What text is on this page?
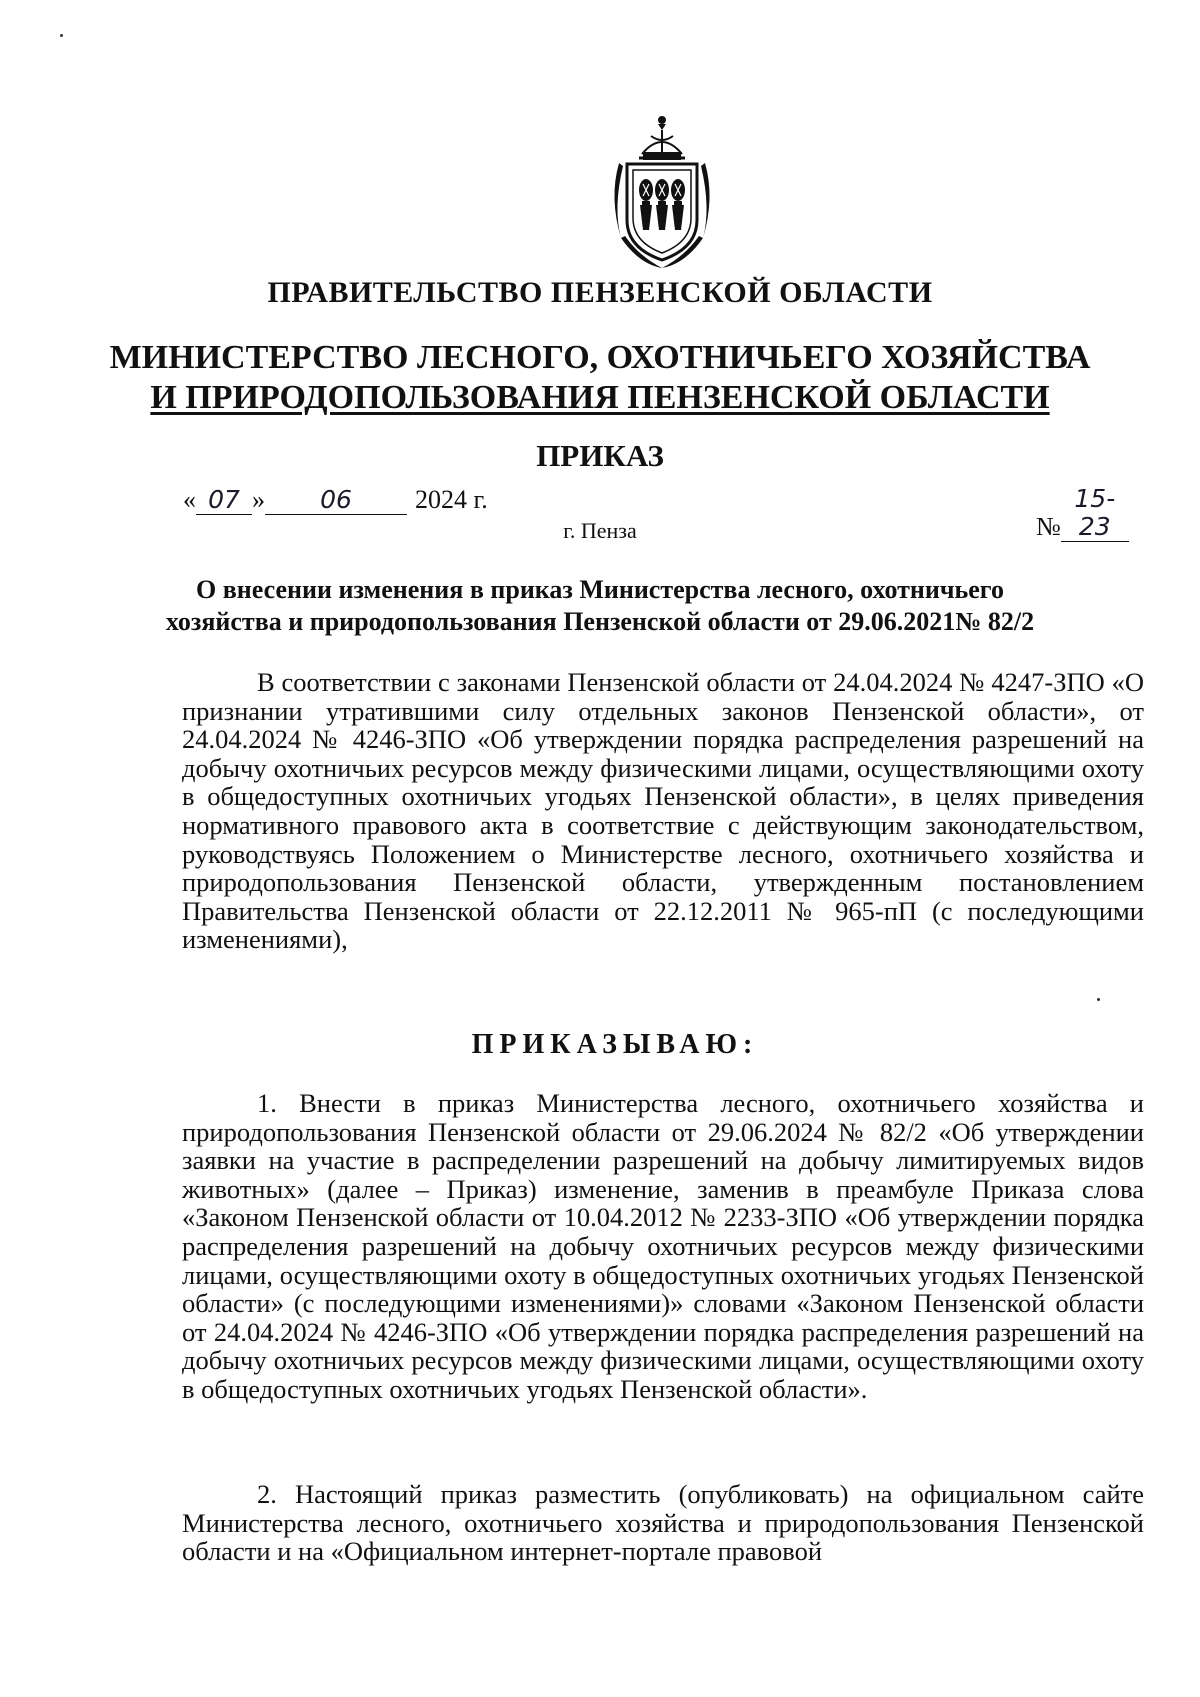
ПРАВИТЕЛЬСТВО ПЕНЗЕНСКОЙ ОБЛАСТИ
МИНИСТЕРСТВО ЛЕСНОГО, ОХОТНИЧЬЕГО ХОЗЯЙСТВА
И ПРИРОДОПОЛЬЗОВАНИЯ ПЕНЗЕНСКОЙ ОБЛАСТИ
ПРИКАЗ
« 07 » 06 2024 г.
№15-23
г. Пенза
О внесении изменения в приказ Министерства лесного, охотничьего хозяйства и природопользования Пензенской области от 29.06.2021№ 82/2

В соответствии с законами Пензенской области от 24.04.2024 № 4247-ЗПО «О признании утратившими силу отдельных законов Пензенской области», от 24.04.2024 № 4246-ЗПО «Об утверждении порядка распределения разрешений на добычу охотничьих ресурсов между физическими лицами, осуществляющими охоту в общедоступных охотничьих угодьях Пензенской области», в целях приведения нормативного правового акта в соответствие с действующим законодательством, руководствуясь Положением о Министерстве лесного, охотничьего хозяйства и природопользования Пензенской области, утвержденным постановлением Правительства Пензенской области от 22.12.2011 № 965-пП (с последующими изменениями),

ПРИКАЗЫВАЮ:

1. Внести в приказ Министерства лесного, охотничьего хозяйства и природопользования Пензенской области от 29.06.2024 № 82/2 «Об утверждении заявки на участие в распределении разрешений на добычу лимитируемых видов животных» (далее – Приказ) изменение, заменив в преамбуле Приказа слова «Законом Пензенской области от 10.04.2012 № 2233-ЗПО «Об утверждении порядка распределения разрешений на добычу охотничьих ресурсов между физическими лицами, осуществляющими охоту в общедоступных охотничьих угодьях Пензенской области» (с последующими изменениями)» словами «Законом Пензенской области от 24.04.2024 № 4246-ЗПО «Об утверждении порядка распределения разрешений на добычу охотничьих ресурсов между физическими лицами, осуществляющими охоту в общедоступных охотничьих угодьях Пензенской области».

2. Настоящий приказ разместить (опубликовать) на официальном сайте Министерства лесного, охотничьего хозяйства и природопользования Пензенской области и на «Официальном интернет-портале правовой
